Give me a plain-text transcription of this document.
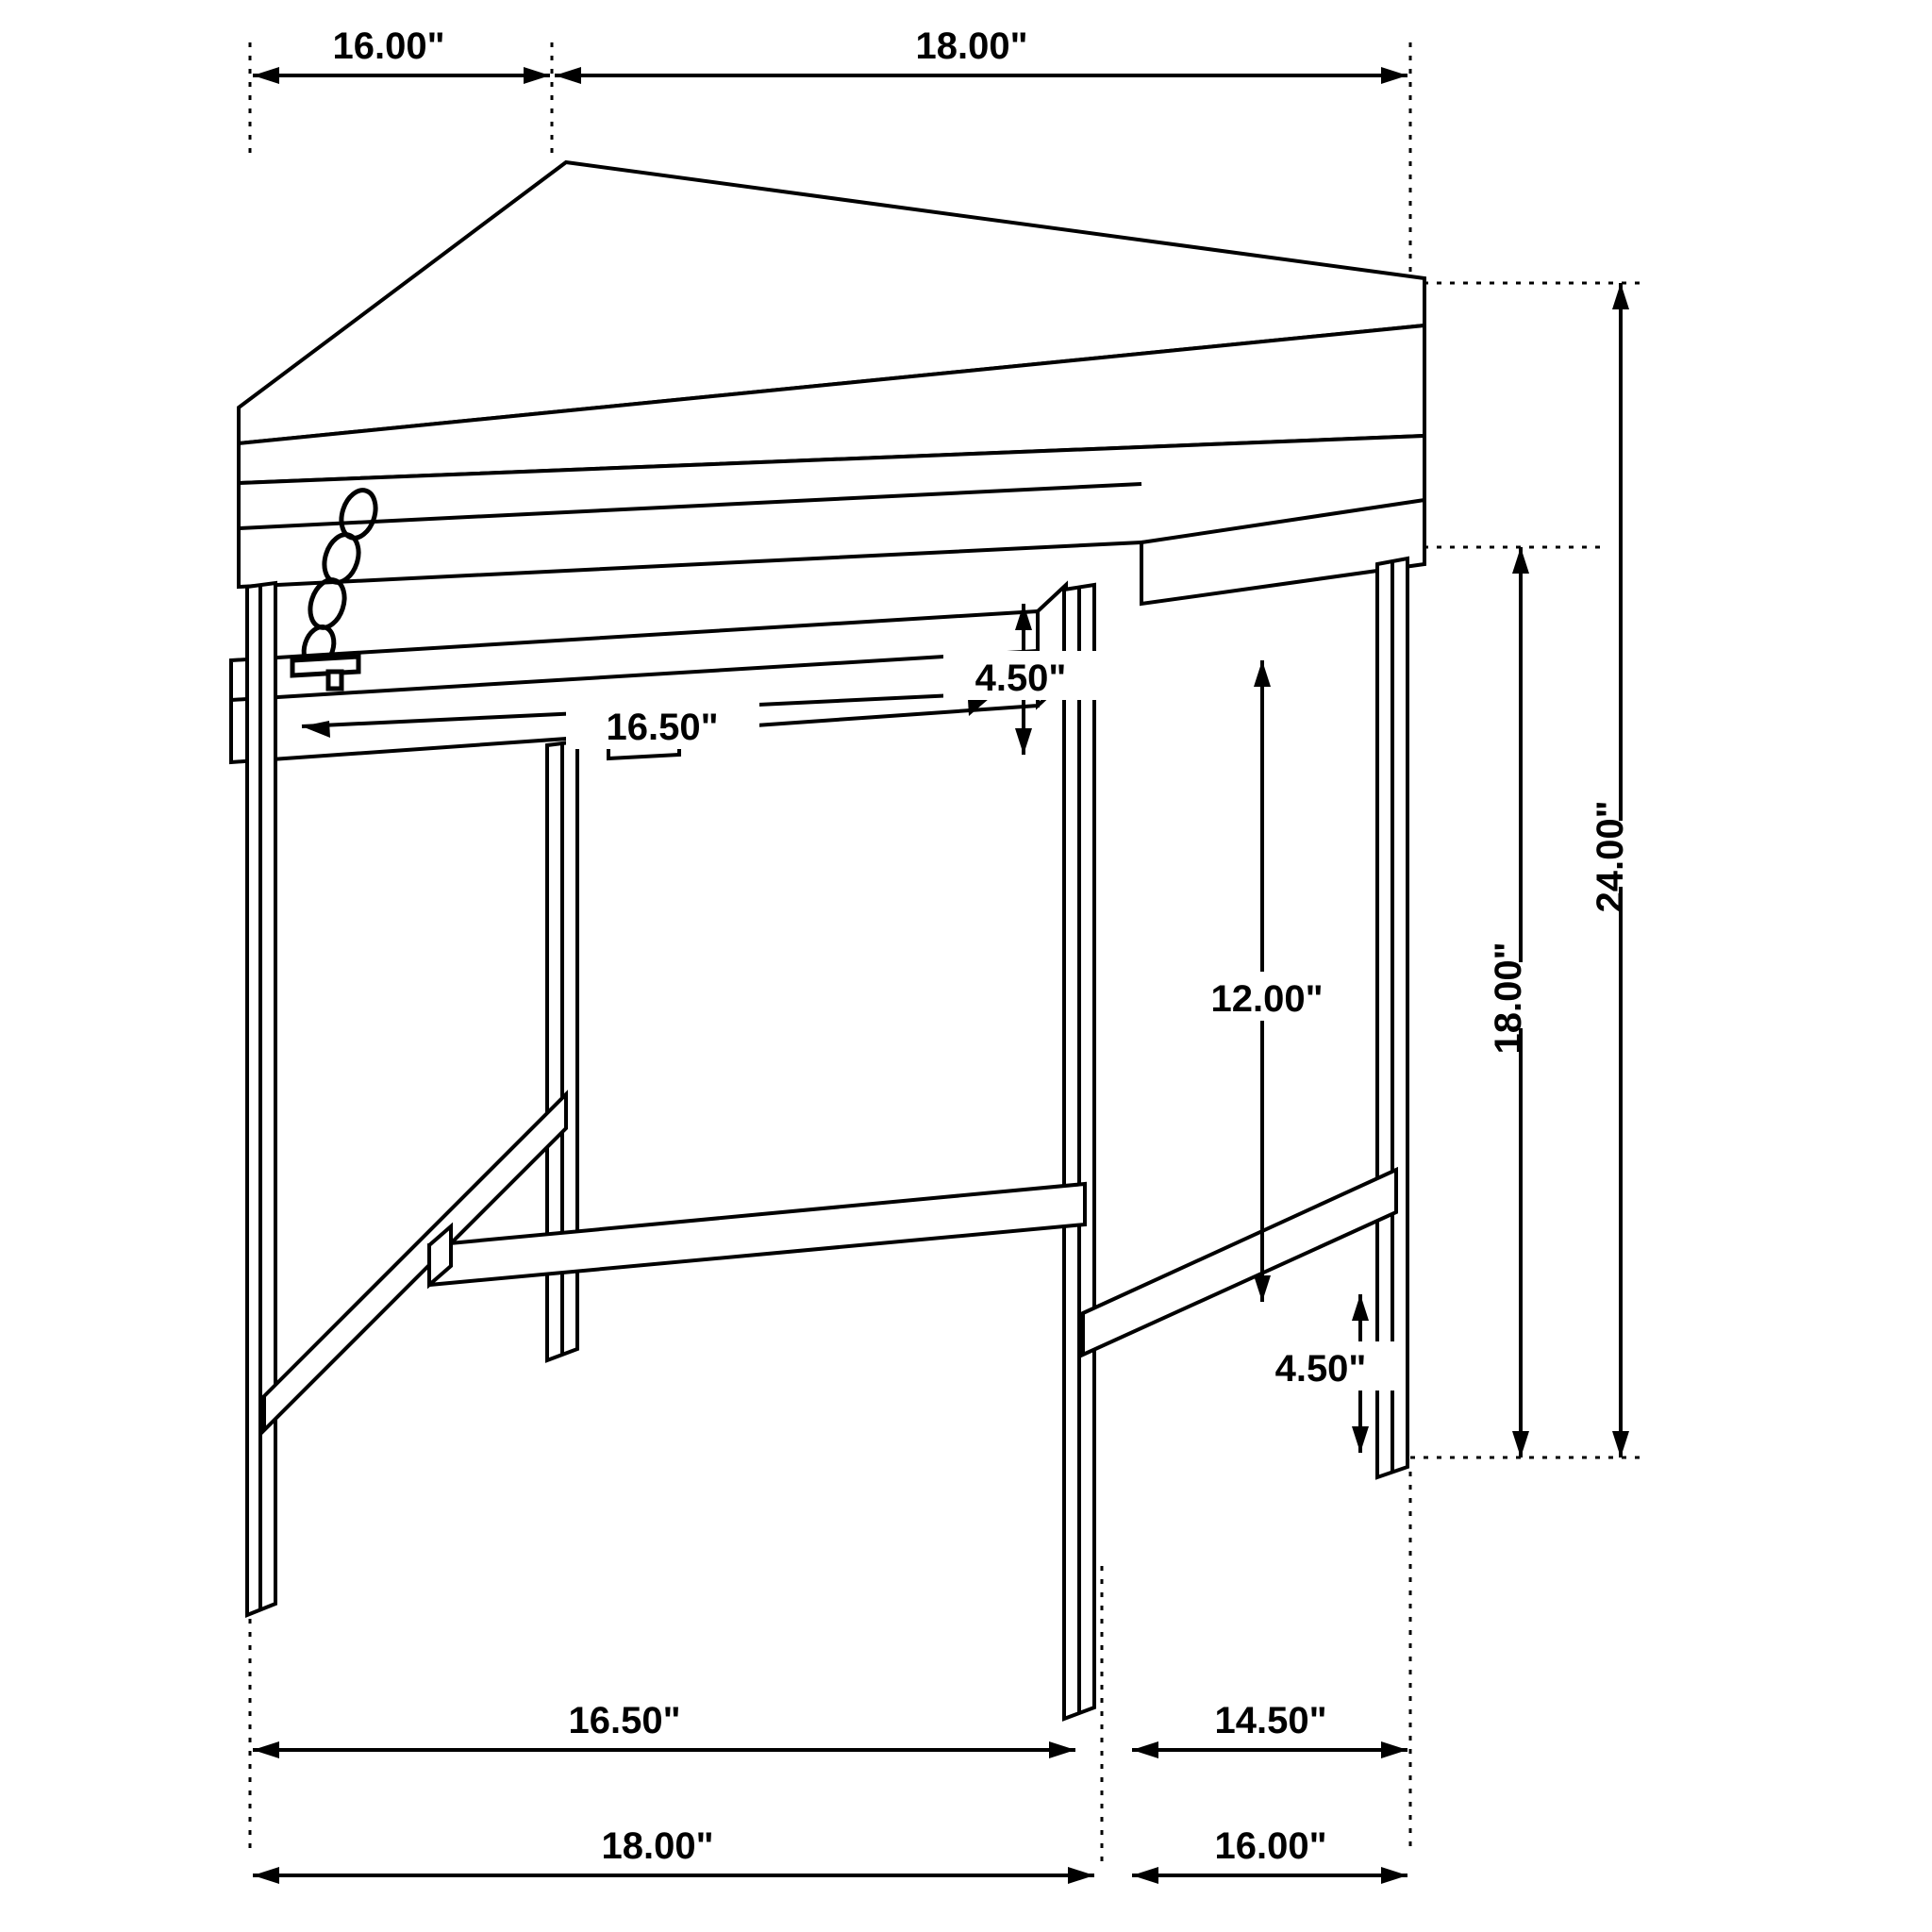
16.00"	18.00"
4.50"
16.50"
12.00"	18.00"
24.00"
4.50"
16.50"	14.50"
18.00"	16.00"
